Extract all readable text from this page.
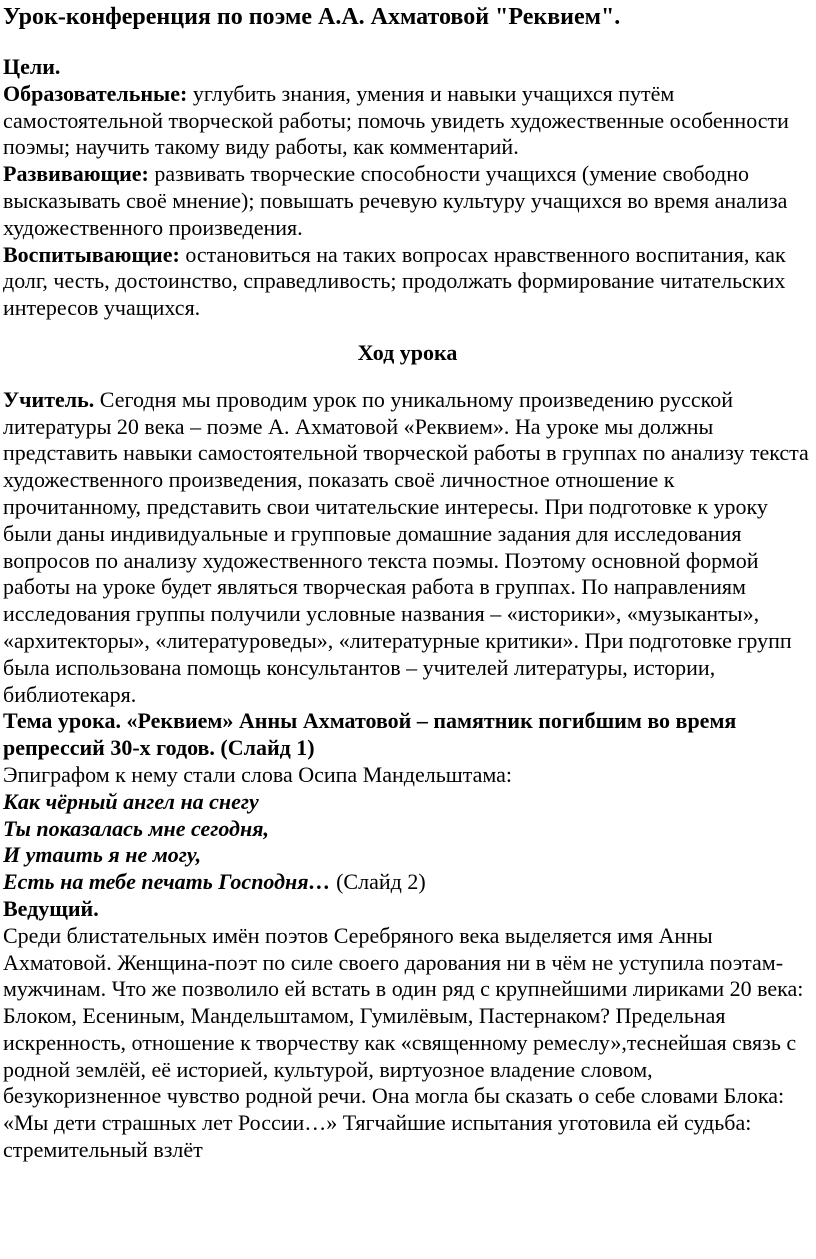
Урок-конференция по поэме А.А. Ахматовой "Реквием".

Цели.

Образовательные: углубить знания, умения и навыки учащихся путём самостоятельной творческой работы; помочь увидеть художественные особенности поэмы; научить такому виду работы, как комментарий.

Развивающие: развивать творческие способности учащихся (умение свободно высказывать своё мнение); повышать речевую культуру учащихся во время анализа художественного произведения.

Воспитывающие: остановиться на таких вопросах нравственного воспитания, как долг, честь, достоинство, справедливость; продолжать формирование читательских интересов учащихся.

Ход урока

Учитель. Сегодня мы проводим урок по уникальному произведению русской литературы 20 века – поэме А. Ахматовой «Реквием». На уроке мы должны представить навыки самостоятельной творческой работы в группах по анализу текста художественного произведения, показать своё личностное отношение к прочитанному, представить свои читательские интересы. При подготовке к уроку были даны индивидуальные и групповые домашние задания для исследования вопросов по анализу художественного текста поэмы. Поэтому основной формой работы на уроке будет являться творческая работа в группах. По направлениям исследования группы получили условные названия – «историки», «музыканты», «архитекторы», «литературоведы», «литературные критики». При подготовке групп была использована помощь консультантов – учителей литературы, истории, библиотекаря.

Тема урока. «Реквием» Анны Ахматовой – памятник погибшим во время репрессий 30-х годов. (Слайд 1)

Эпиграфом к нему стали слова Осипа Мандельштама:

Как чёрный ангел на снегу

Ты показалась мне сегодня,

И утаить я не могу,

Есть на тебе печать Господня… (Слайд 2)

Ведущий.

Среди блистательных имён поэтов Серебряного века выделяется имя Анны Ахматовой. Женщина-поэт по силе своего дарования ни в чём не уступила поэтам-мужчинам. Что же позволило ей встать в один ряд с крупнейшими лириками 20 века: Блоком, Есениным, Мандельштамом, Гумилёвым, Пастернаком? Предельная искренность, отношение к творчеству как «священному ремеслу»,теснейшая связь с родной землёй, её историей, культурой, виртуозное владение словом, безукоризненное чувство родной речи. Она могла бы сказать о себе словами Блока: «Мы дети страшных лет России…» Тягчайшие испытания уготовила ей судьба: стремительный взлёт
